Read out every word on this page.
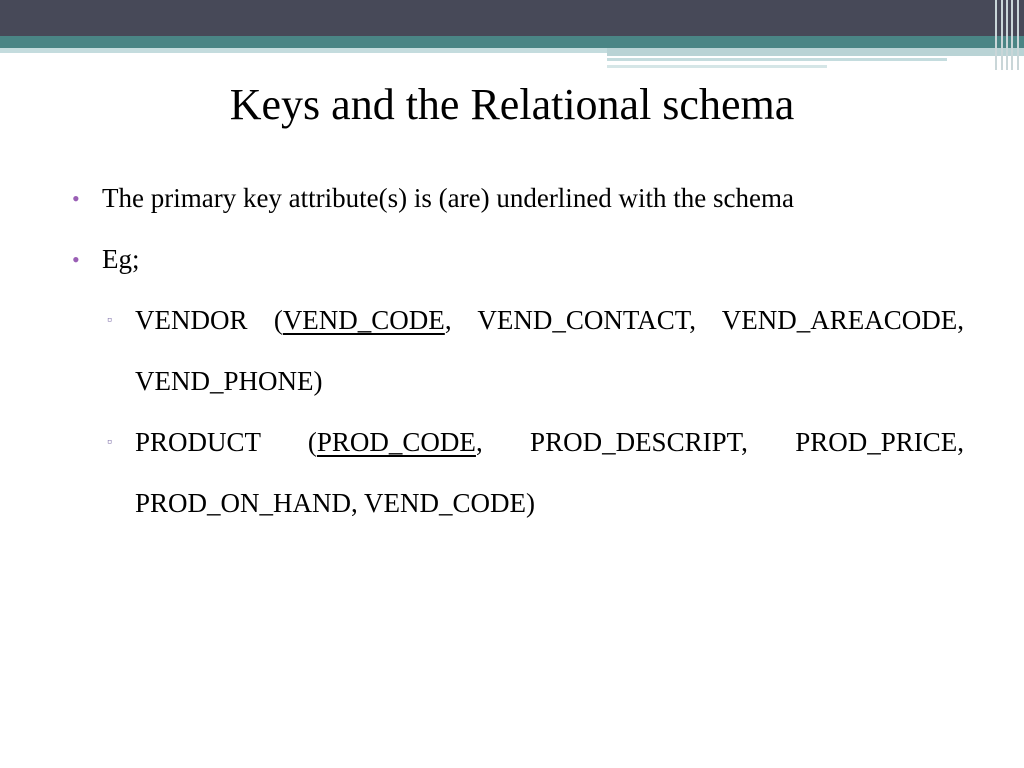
Keys and the Relational schema
• The primary key attribute(s) is (are) underlined with the schema
• Eg;
▫ VENDOR (VEND_CODE, VEND_CONTACT, VEND_AREACODE, VEND_PHONE)
▫ PRODUCT (PROD_CODE, PROD_DESCRIPT, PROD_PRICE, PROD_ON_HAND, VEND_CODE)
